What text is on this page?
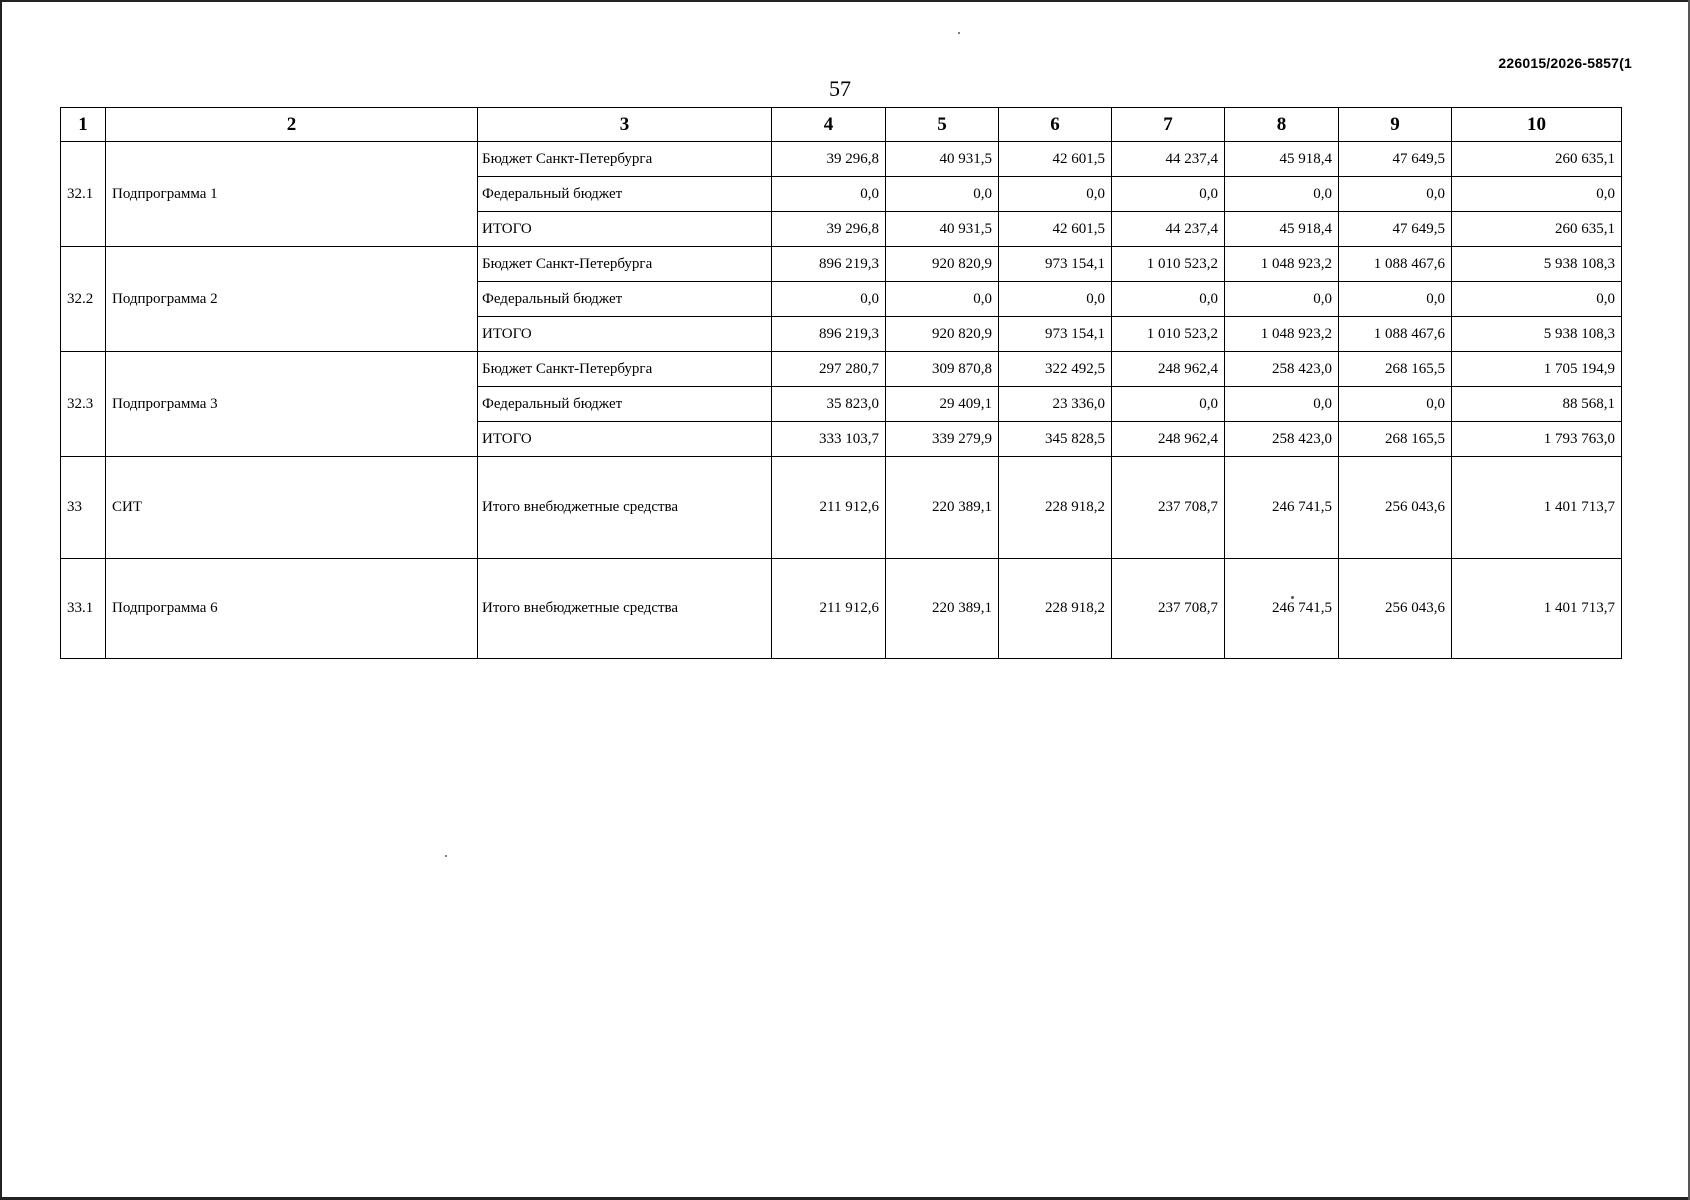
226015/2026-5857(1
57
1	2	3	4	5	6	7	8	9	10
32.1	Подпрограмма 1	Бюджет Санкт-Петербурга	39 296,8	40 931,5	42 601,5	44 237,4	45 918,4	47 649,5	260 635,1
		Федеральный бюджет	0,0	0,0	0,0	0,0	0,0	0,0	0,0
		ИТОГО	39 296,8	40 931,5	42 601,5	44 237,4	45 918,4	47 649,5	260 635,1
32.2	Подпрограмма 2	Бюджет Санкт-Петербурга	896 219,3	920 820,9	973 154,1	1 010 523,2	1 048 923,2	1 088 467,6	5 938 108,3
		Федеральный бюджет	0,0	0,0	0,0	0,0	0,0	0,0	0,0
		ИТОГО	896 219,3	920 820,9	973 154,1	1 010 523,2	1 048 923,2	1 088 467,6	5 938 108,3
32.3	Подпрограмма 3	Бюджет Санкт-Петербурга	297 280,7	309 870,8	322 492,5	248 962,4	258 423,0	268 165,5	1 705 194,9
		Федеральный бюджет	35 823,0	29 409,1	23 336,0	0,0	0,0	0,0	88 568,1
		ИТОГО	333 103,7	339 279,9	345 828,5	248 962,4	258 423,0	268 165,5	1 793 763,0
33	СИТ	Итого внебюджетные средства	211 912,6	220 389,1	228 918,2	237 708,7	246 741,5	256 043,6	1 401 713,7
33.1	Подпрограмма 6	Итого внебюджетные средства	211 912,6	220 389,1	228 918,2	237 708,7	246 741,5	256 043,6	1 401 713,7
